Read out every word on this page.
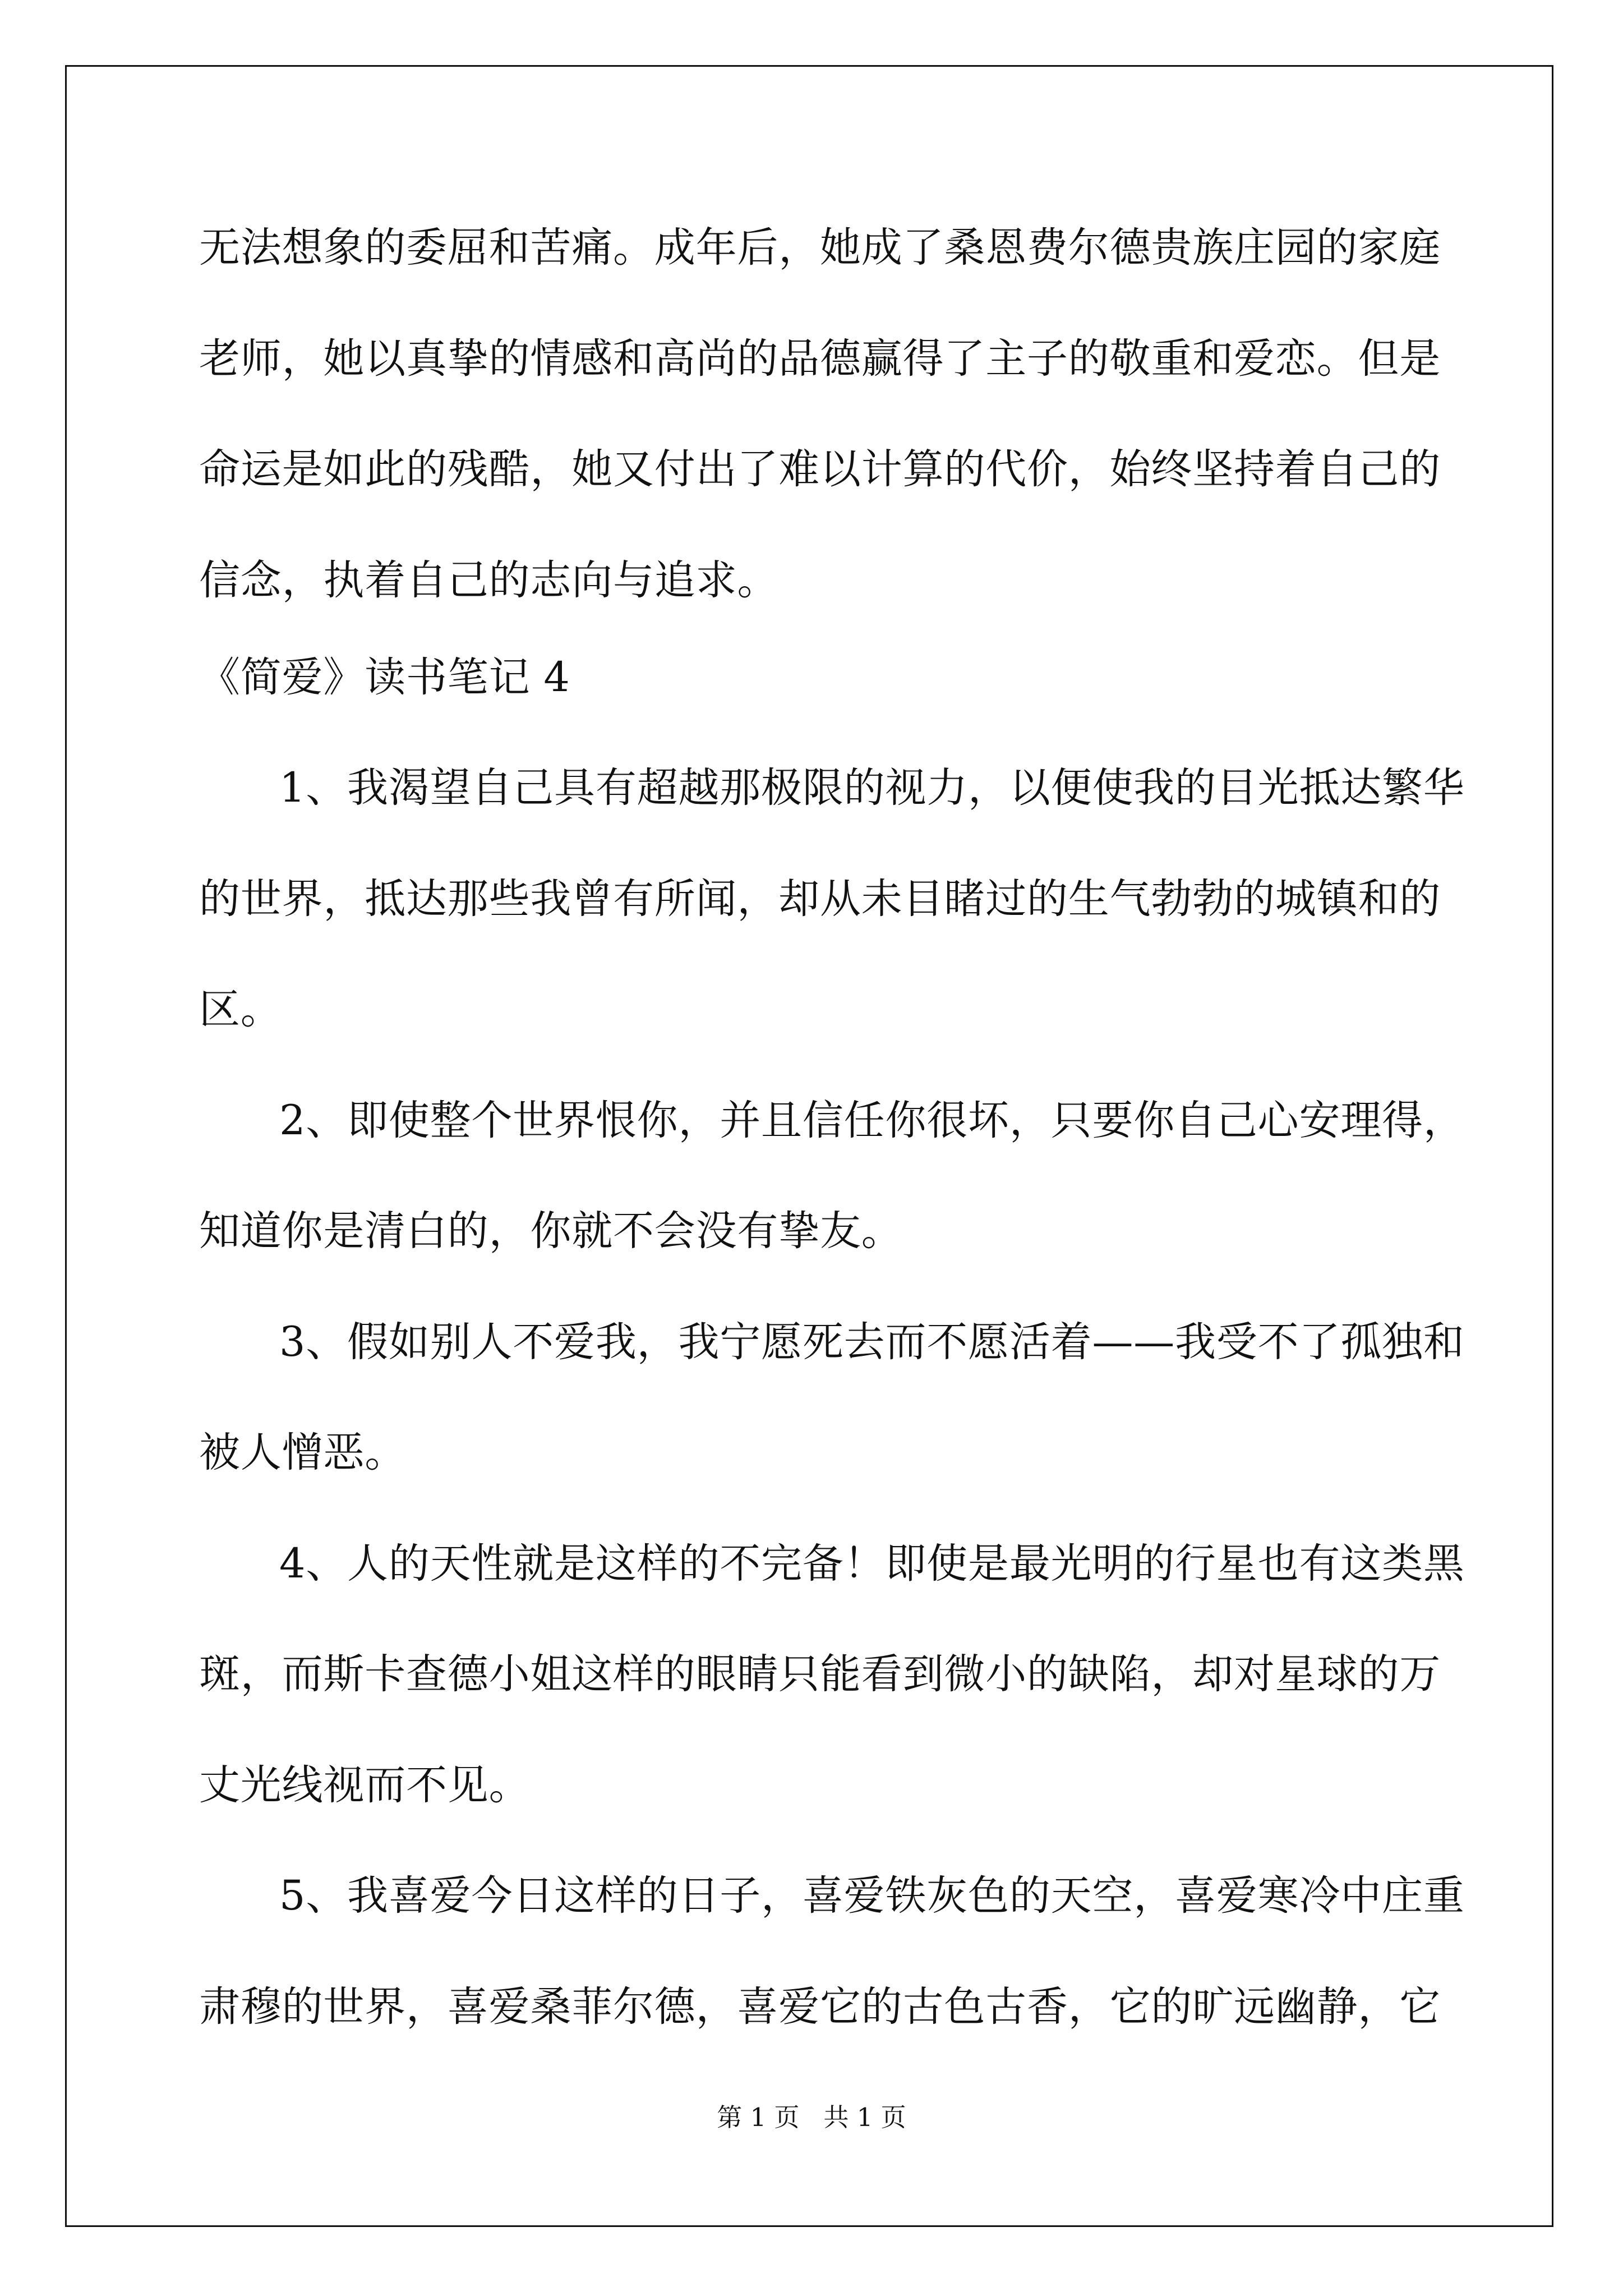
无法想象的委屈和苦痛。成年后，她成了桑恩费尔德贵族庄园的家庭

老师，她以真挚的情感和高尚的品德赢得了主子的敬重和爱恋。但是

命运是如此的残酷，她又付出了难以计算的代价，始终坚持着自己的

信念，执着自己的志向与追求。

《简爱》读书笔记 4

1、我渴望自己具有超越那极限的视力，以便使我的目光抵达繁华

的世界，抵达那些我曾有所闻，却从未目睹过的生气勃勃的城镇和的

区。

2、即使整个世界恨你，并且信任你很坏，只要你自己心安理得，

知道你是清白的，你就不会没有挚友。

3、假如别人不爱我，我宁愿死去而不愿活着——我受不了孤独和

被人憎恶。

4、人的天性就是这样的不完备！即使是最光明的行星也有这类黑

斑，而斯卡查德小姐这样的眼睛只能看到微小的缺陷，却对星球的万

丈光线视而不见。

5、我喜爱今日这样的日子，喜爱铁灰色的天空，喜爱寒冷中庄重

肃穆的世界，喜爱桑菲尔德，喜爱它的古色古香，它的旷远幽静，它

第 1 页   共 1 页
